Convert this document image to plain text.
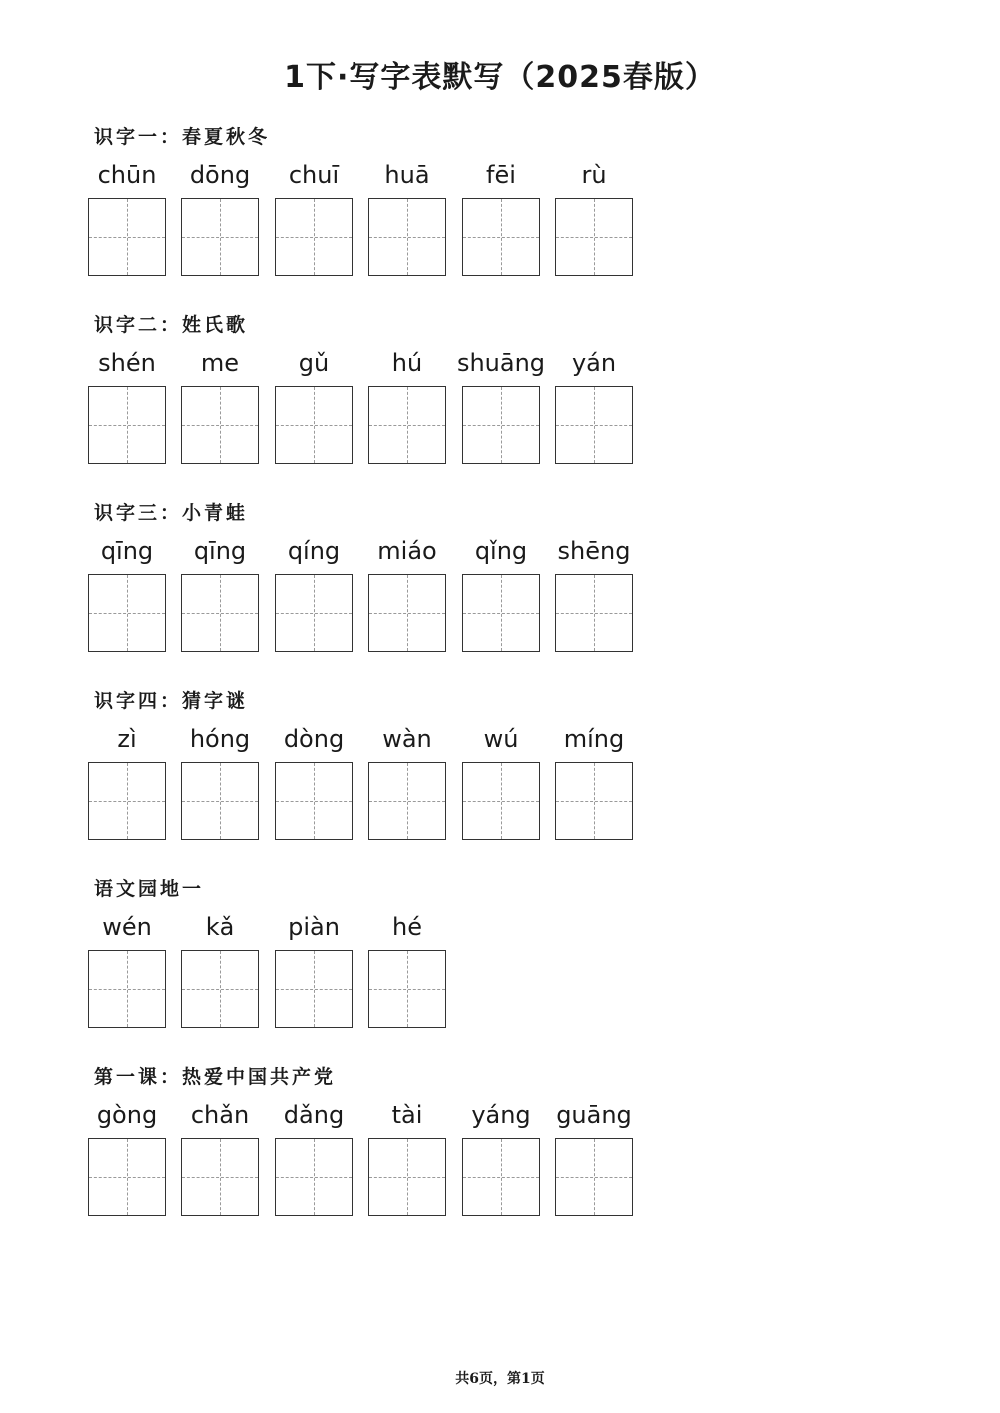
1下·写字表默写（2025春版）
识字一：春夏秋冬
chūn	dōng	chuī	huā	fēi	rù
识字二：姓氏歌
shén	me	gǔ	hú	shuāng	yán
识字三：小青蛙
qīng	qīng	qíng	miáo	qǐng	shēng
识字四：猜字谜
zì	hóng	dòng	wàn	wú	míng
语文园地一
wén	kǎ	piàn	hé
第一课：热爱中国共产党
gòng	chǎn	dǎng	tài	yáng	guāng
共6页，第1页
